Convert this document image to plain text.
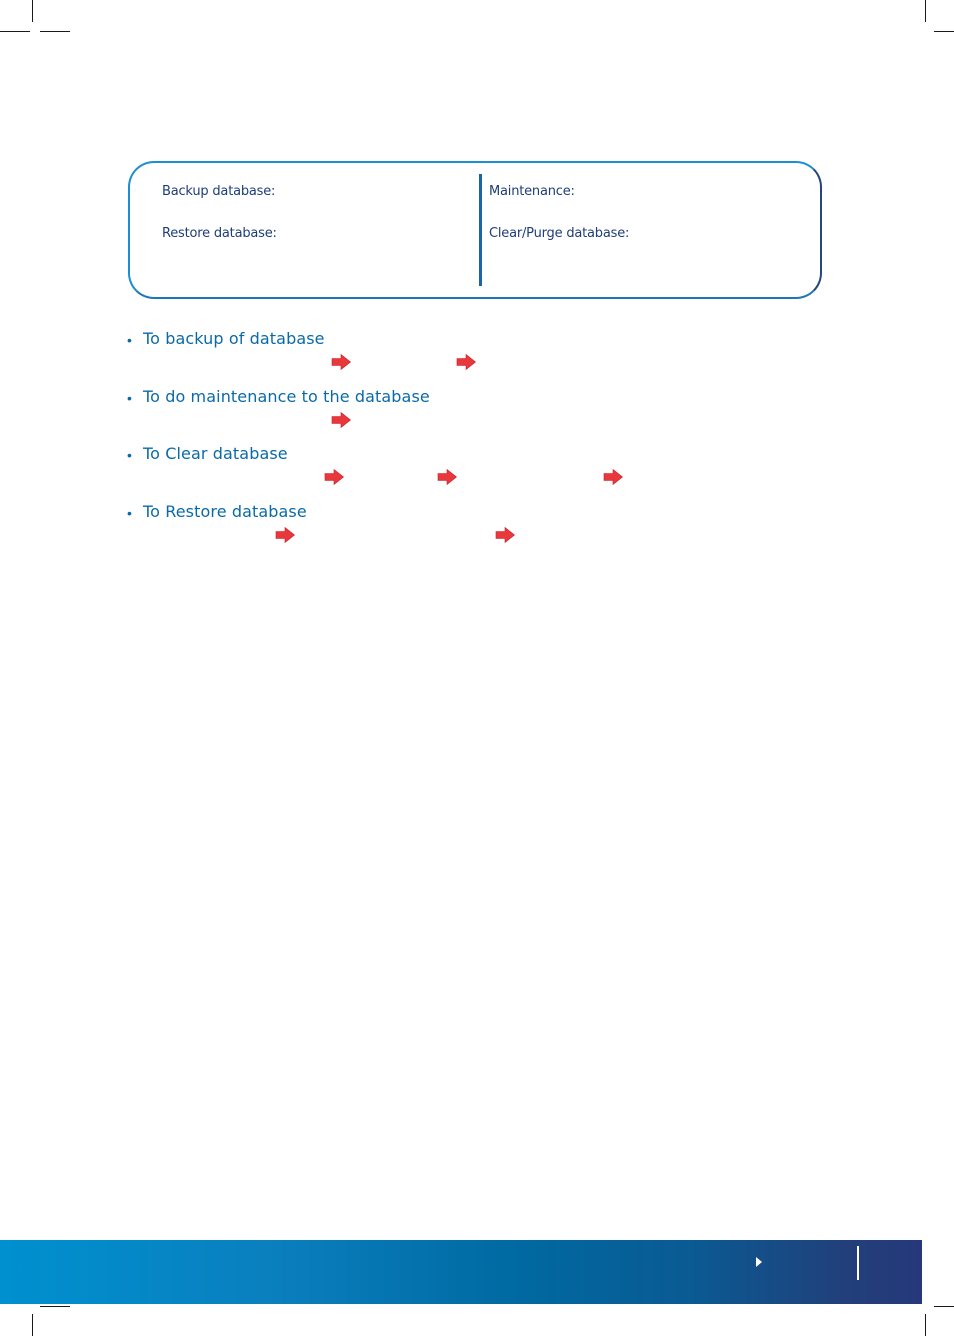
Backup database:
Restore database:
Maintenance:
Clear/Purge database:
• To backup of database
• To do maintenance to the database
• To Clear database
• To Restore database
